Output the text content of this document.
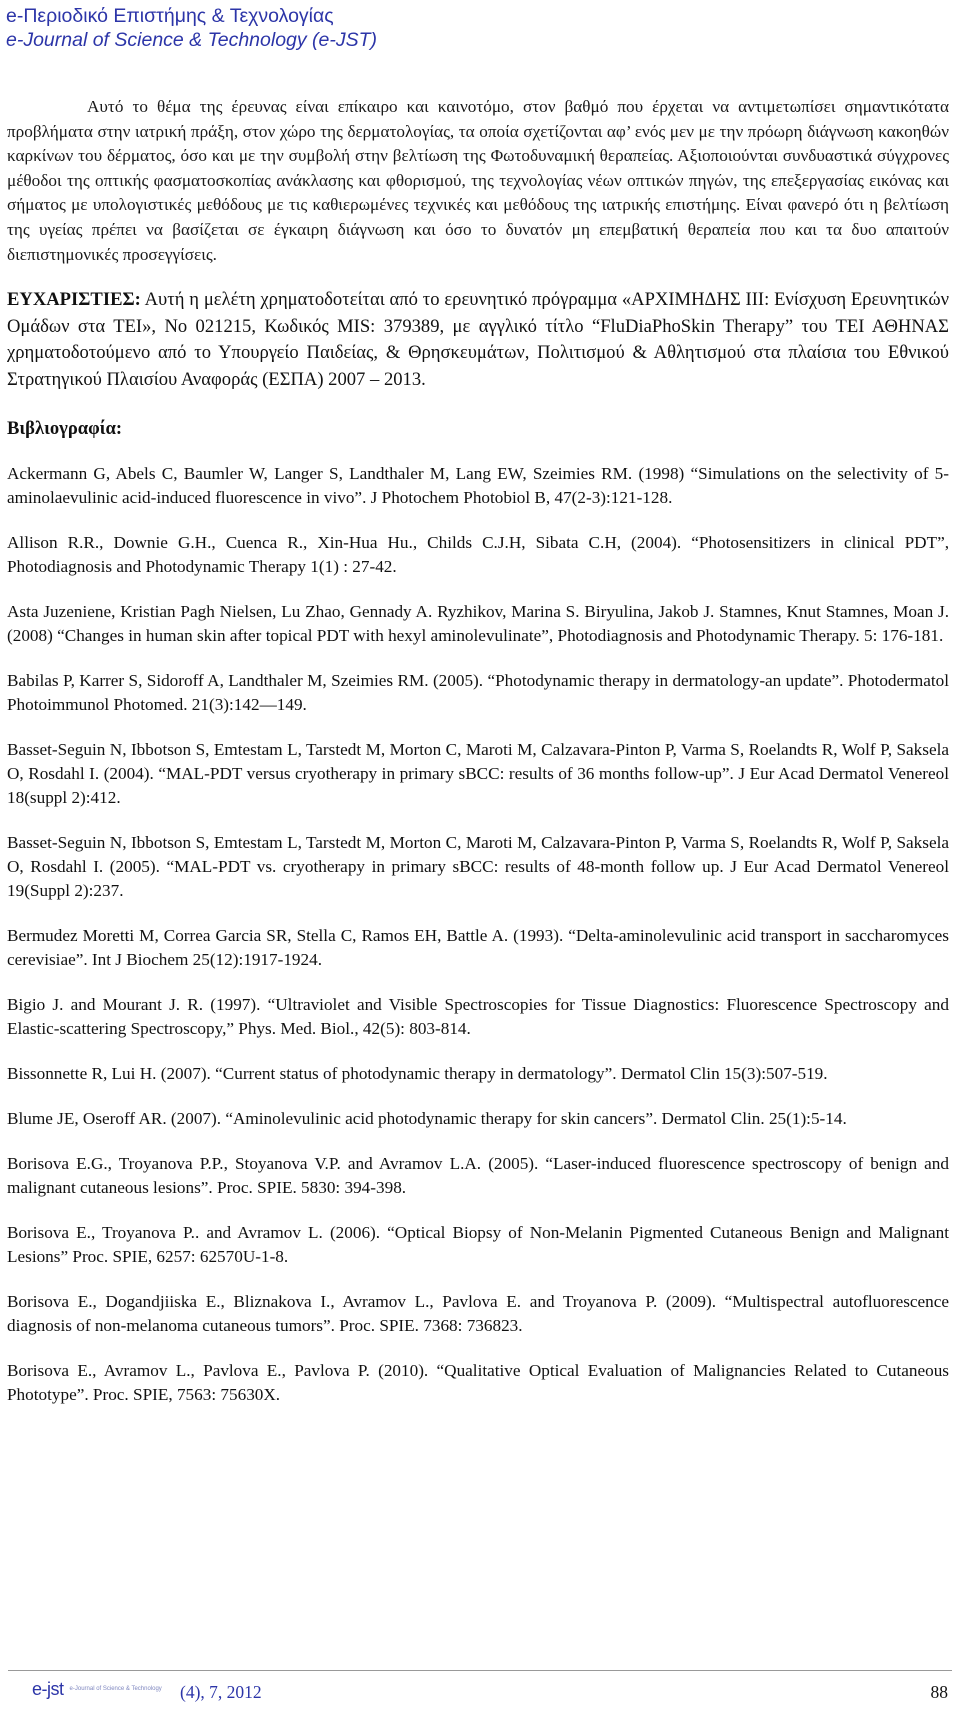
e-Περιοδικό Επιστήμης & Τεχνολογίας
e-Journal of Science & Technology (e-JST)

Αυτό το θέμα της έρευνας είναι επίκαιρο και καινοτόμο, στον βαθμό που έρχεται να αντιμετωπίσει σημαντικότατα προβλήματα στην ιατρική πράξη, στον χώρο της δερματολογίας, τα οποία σχετίζονται αφ’ ενός μεν με την πρόωρη διάγνωση κακοηθών καρκίνων του δέρματος, όσο και με την συμβολή στην βελτίωση της Φωτοδυναμική θεραπείας. Αξιοποιούνται συνδυαστικά σύγχρονες μέθοδοι της οπτικής φασματοσκοπίας ανάκλασης και φθορισμού, της τεχνολογίας νέων οπτικών πηγών, της επεξεργασίας εικόνας και σήματος με υπολογιστικές μεθόδους με τις καθιερωμένες τεχνικές και μεθόδους της ιατρικής επιστήμης. Είναι φανερό ότι η βελτίωση της υγείας πρέπει να βασίζεται σε έγκαιρη διάγνωση και όσο το δυνατόν μη επεμβατική θεραπεία που και τα δυο απαιτούν διεπιστημονικές προσεγγίσεις.

ΕΥΧΑΡΙΣΤΙΕΣ: Αυτή η μελέτη χρηματοδοτείται από το ερευνητικό πρόγραμμα «ΑΡΧΙΜΗΔΗΣ ΙΙΙ: Ενίσχυση Ερευνητικών Ομάδων στα ΤΕΙ», Νο 021215, Κωδικός MIS: 379389, με αγγλικό τίτλο “FluDiaPhoSkin Therapy” του ΤΕΙ ΑΘΗΝΑΣ χρηματοδοτούμενο από το Υπουργείο Παιδείας, & Θρησκευμάτων, Πολιτισμού & Αθλητισμού στα πλαίσια του Εθνικού Στρατηγικού Πλαισίου Αναφοράς (ΕΣΠΑ) 2007 – 2013.

Βιβλιογραφία:

Ackermann G, Abels C, Baumler W, Langer S, Landthaler M, Lang EW, Szeimies RM. (1998) “Simulations on the selectivity of 5-aminolaevulinic acid-induced fluorescence in vivo”. J Photochem Photobiol B, 47(2-3):121-128.

Allison R.R., Downie G.H., Cuenca R., Xin-Hua Hu., Childs C.J.H, Sibata C.H, (2004). “Photosensitizers in clinical PDT”, Photodiagnosis and Photodynamic Therapy 1(1) : 27-42.

Asta Juzeniene, Kristian Pagh Nielsen, Lu Zhao, Gennady A. Ryzhikov, Marina S. Biryulina, Jakob J. Stamnes, Knut Stamnes, Moan J. (2008) “Changes in human skin after topical PDT with hexyl aminolevulinate”, Photodiagnosis and Photodynamic Therapy. 5: 176-181.

Babilas P, Karrer S, Sidoroff A, Landthaler M, Szeimies RM. (2005). “Photodynamic therapy in dermatology-an update”. Photodermatol Photoimmunol Photomed. 21(3):142—149.

Basset-Seguin N, Ibbotson S, Emtestam L, Tarstedt M, Morton C, Maroti M, Calzavara-Pinton P, Varma S, Roelandts R, Wolf P, Saksela O, Rosdahl I. (2004). “MAL-PDT versus cryotherapy in primary sBCC: results of 36 months follow-up”. J Eur Acad Dermatol Venereol 18(suppl 2):412.

Basset-Seguin N, Ibbotson S, Emtestam L, Tarstedt M, Morton C, Maroti M, Calzavara-Pinton P, Varma S, Roelandts R, Wolf P, Saksela O, Rosdahl I. (2005). “MAL-PDT vs. cryotherapy in primary sBCC: results of 48-month follow up. J Eur Acad Dermatol Venereol 19(Suppl 2):237.

Bermudez Moretti M, Correa Garcia SR, Stella C, Ramos EH, Battle A. (1993). “Delta-aminolevulinic acid transport in saccharomyces cerevisiae”. Int J Biochem 25(12):1917-1924.

Bigio J. and Mourant J. R. (1997). “Ultraviolet and Visible Spectroscopies for Tissue Diagnostics: Fluorescence Spectroscopy and Elastic-scattering Spectroscopy,” Phys. Med. Biol., 42(5): 803-814.

Bissonnette R, Lui H. (2007). “Current status of photodynamic therapy in dermatology”. Dermatol Clin 15(3):507-519.

Blume JE, Oseroff AR. (2007). “Aminolevulinic acid photodynamic therapy for skin cancers”. Dermatol Clin. 25(1):5-14.

Borisova E.G., Troyanova P.P., Stoyanova V.P. and Avramov L.A. (2005). “Laser-induced fluorescence spectroscopy of benign and malignant cutaneous lesions”. Proc. SPIE. 5830: 394-398.

Borisova E., Troyanova P.. and Avramov L. (2006). “Optical Biopsy of Non-Melanin Pigmented Cutaneous Benign and Malignant Lesions” Proc. SPIE, 6257: 62570U-1-8.

Borisova E., Dogandjiiska E., Bliznakova I., Avramov L., Pavlova E. and Troyanova P. (2009). “Multispectral autofluorescence diagnosis of non-melanoma cutaneous tumors”. Proc. SPIE. 7368: 736823.

Borisova E., Avramov L., Pavlova E., Pavlova P. (2010). “Qualitative Optical Evaluation of Malignancies Related to Cutaneous Phototype”. Proc. SPIE, 7563: 75630X.

e-jst e-Journal of Science & Technology (4), 7, 2012	88
